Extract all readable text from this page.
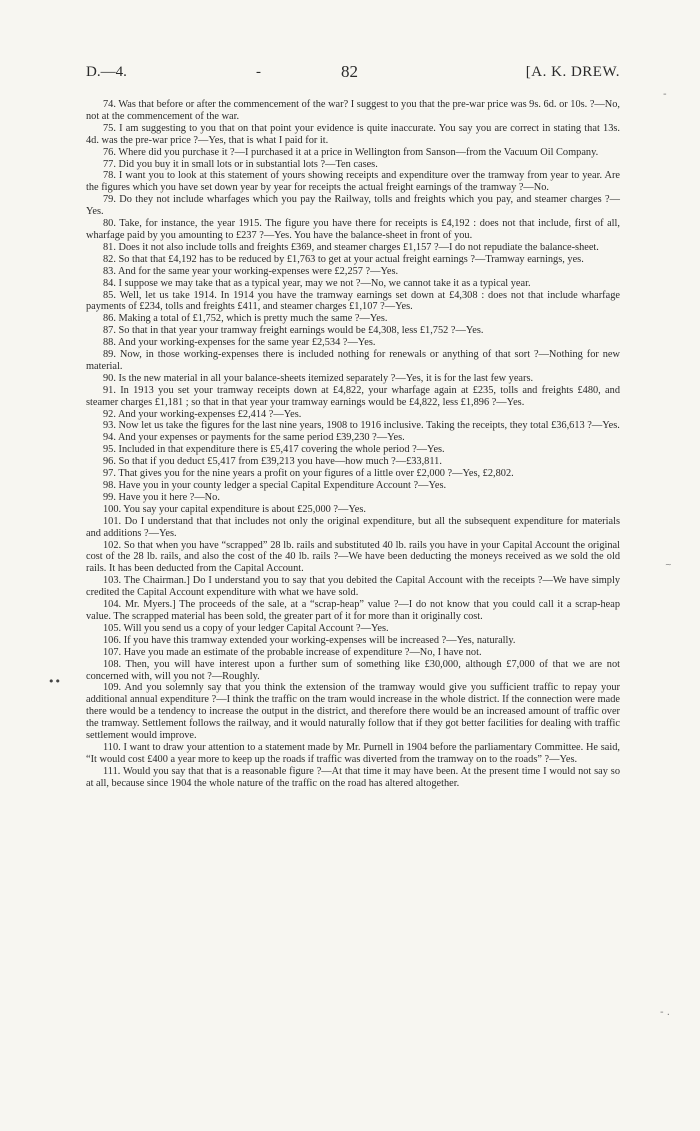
D.—4.	-	82	[A. K. DREW.

74. Was that before or after the commencement of the war? I suggest to you that the pre-war price was 9s. 6d. or 10s. ?—No, not at the commencement of the war.

75. I am suggesting to you that on that point your evidence is quite inaccurate. You say you are correct in stating that 13s. 4d. was the pre-war price ?—Yes, that is what I paid for it.

76. Where did you purchase it ?—I purchased it at a price in Wellington from Sanson—from the Vacuum Oil Company.

77. Did you buy it in small lots or in substantial lots ?—Ten cases.

78. I want you to look at this statement of yours showing receipts and expenditure over the tramway from year to year. Are the figures which you have set down year by year for receipts the actual freight earnings of the tramway ?—No.

79. Do they not include wharfages which you pay the Railway, tolls and freights which you pay, and steamer charges ?—Yes.

80. Take, for instance, the year 1915. The figure you have there for receipts is £4,192 : does not that include, first of all, wharfage paid by you amounting to £237 ?—Yes. You have the balance-sheet in front of you.

81. Does it not also include tolls and freights £369, and steamer charges £1,157 ?—I do not repudiate the balance-sheet.

82. So that that £4,192 has to be reduced by £1,763 to get at your actual freight earnings ?—Tramway earnings, yes.

83. And for the same year your working-expenses were £2,257 ?—Yes.

84. I suppose we may take that as a typical year, may we not ?—No, we cannot take it as a typical year.

85. Well, let us take 1914. In 1914 you have the tramway earnings set down at £4,308 : does not that include wharfage payments of £234, tolls and freights £411, and steamer charges £1,107 ?—Yes.

86. Making a total of £1,752, which is pretty much the same ?—Yes.

87. So that in that year your tramway freight earnings would be £4,308, less £1,752 ?—Yes.

88. And your working-expenses for the same year £2,534 ?—Yes.

89. Now, in those working-expenses there is included nothing for renewals or anything of that sort ?—Nothing for new material.

90. Is the new material in all your balance-sheets itemized separately ?—Yes, it is for the last few years.

91. In 1913 you set your tramway receipts down at £4,822, your wharfage again at £235, tolls and freights £480, and steamer charges £1,181 ; so that in that year your tramway earnings would be £4,822, less £1,896 ?—Yes.

92. And your working-expenses £2,414 ?—Yes.

93. Now let us take the figures for the last nine years, 1908 to 1916 inclusive. Taking the receipts, they total £36,613 ?—Yes.

94. And your expenses or payments for the same period £39,230 ?—Yes.

95. Included in that expenditure there is £5,417 covering the whole period ?—Yes.

96. So that if you deduct £5,417 from £39,213 you have—how much ?—£33,811.

97. That gives you for the nine years a profit on your figures of a little over £2,000 ?—Yes, £2,802.

98. Have you in your county ledger a special Capital Expenditure Account ?—Yes.

99. Have you it here ?—No.

100. You say your capital expenditure is about £25,000 ?—Yes.

101. Do I understand that that includes not only the original expenditure, but all the subsequent expenditure for materials and additions ?—Yes.

102. So that when you have “scrapped” 28 lb. rails and substituted 40 lb. rails you have in your Capital Account the original cost of the 28 lb. rails, and also the cost of the 40 lb. rails ?—We have been deducting the moneys received as we sold the old rails. It has been deducted from the Capital Account.

103. The Chairman.] Do I understand you to say that you debited the Capital Account with the receipts ?—We have simply credited the Capital Account expenditure with what we have sold.

104. Mr. Myers.] The proceeds of the sale, at a “scrap-heap” value ?—I do not know that you could call it a scrap-heap value. The scrapped material has been sold, the greater part of it for more than it originally cost.

105. Will you send us a copy of your ledger Capital Account ?—Yes.

106. If you have this tramway extended your working-expenses will be increased ?—Yes, naturally.

107. Have you made an estimate of the probable increase of expenditure ?—No, I have not.

108. Then, you will have interest upon a further sum of something like £30,000, although £7,000 of that we are not concerned with, will you not ?—Roughly.

109. And you solemnly say that you think the extension of the tramway would give you sufficient traffic to repay your additional annual expenditure ?—I think the traffic on the tram would increase in the whole district. If the connection were made there would be a tendency to increase the output in the district, and therefore there would be an increased amount of traffic over the tramway. Settlement follows the railway, and it would naturally follow that if they got better facilities for dealing with traffic settlement would improve.

110. I want to draw your attention to a statement made by Mr. Purnell in 1904 before the parliamentary Committee. He said, “It would cost £400 a year more to keep up the roads if traffic was diverted from the tramway on to the roads” ?—Yes.

111. Would you say that that is a reasonable figure ?—At that time it may have been. At the present time I would not say so at all, because since 1904 the whole nature of the traffic on the road has altered altogether.

-
~
••
- .
